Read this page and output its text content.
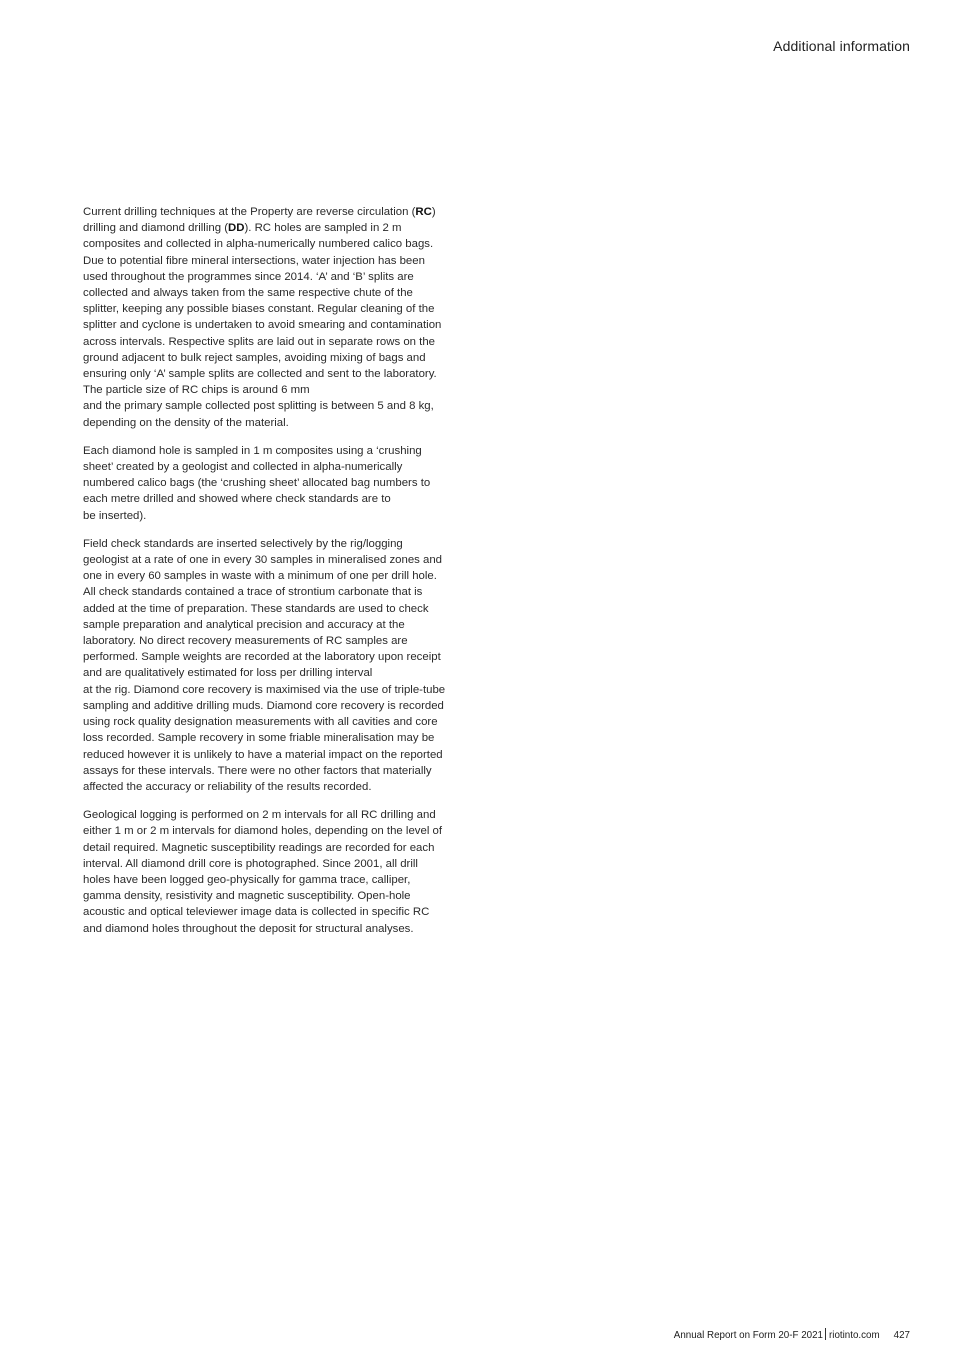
Additional information

Current drilling techniques at the Property are reverse circulation (RC)
drilling and diamond drilling (DD). RC holes are sampled in 2 m
composites and collected in alpha-numerically numbered calico bags.
Due to potential fibre mineral intersections, water injection has been
used throughout the programmes since 2014. ‘A’ and ‘B’ splits are
collected and always taken from the same respective chute of the
splitter, keeping any possible biases constant. Regular cleaning of the
splitter and cyclone is undertaken to avoid smearing and contamination
across intervals. Respective splits are laid out in separate rows on the
ground adjacent to bulk reject samples, avoiding mixing of bags and
ensuring only ‘A’ sample splits are collected and sent to the laboratory.
The particle size of RC chips is around 6 mm
and the primary sample collected post splitting is between 5 and 8 kg,
depending on the density of the material.

Each diamond hole is sampled in 1 m composites using a ‘crushing
sheet’ created by a geologist and collected in alpha-numerically
numbered calico bags (the ‘crushing sheet’ allocated bag numbers to
each metre drilled and showed where check standards are to
be inserted).

Field check standards are inserted selectively by the rig/logging
geologist at a rate of one in every 30 samples in mineralised zones and
one in every 60 samples in waste with a minimum of one per drill hole.
All check standards contained a trace of strontium carbonate that is
added at the time of preparation. These standards are used to check
sample preparation and analytical precision and accuracy at the
laboratory. No direct recovery measurements of RC samples are
performed. Sample weights are recorded at the laboratory upon receipt
and are qualitatively estimated for loss per drilling interval
at the rig. Diamond core recovery is maximised via the use of triple-tube
sampling and additive drilling muds. Diamond core recovery is recorded
using rock quality designation measurements with all cavities and core
loss recorded. Sample recovery in some friable mineralisation may be
reduced however it is unlikely to have a material impact on the reported
assays for these intervals. There were no other factors that materially
affected the accuracy or reliability of the results recorded.

Geological logging is performed on 2 m intervals for all RC drilling and
either 1 m or 2 m intervals for diamond holes, depending on the level of
detail required. Magnetic susceptibility readings are recorded for each
interval. All diamond drill core is photographed. Since 2001, all drill
holes have been logged geo-physically for gamma trace, calliper,
gamma density, resistivity and magnetic susceptibility. Open-hole
acoustic and optical televiewer image data is collected in specific RC
and diamond holes throughout the deposit for structural analyses.

Annual Report on Form 20-F 2021 riotinto.com 427
